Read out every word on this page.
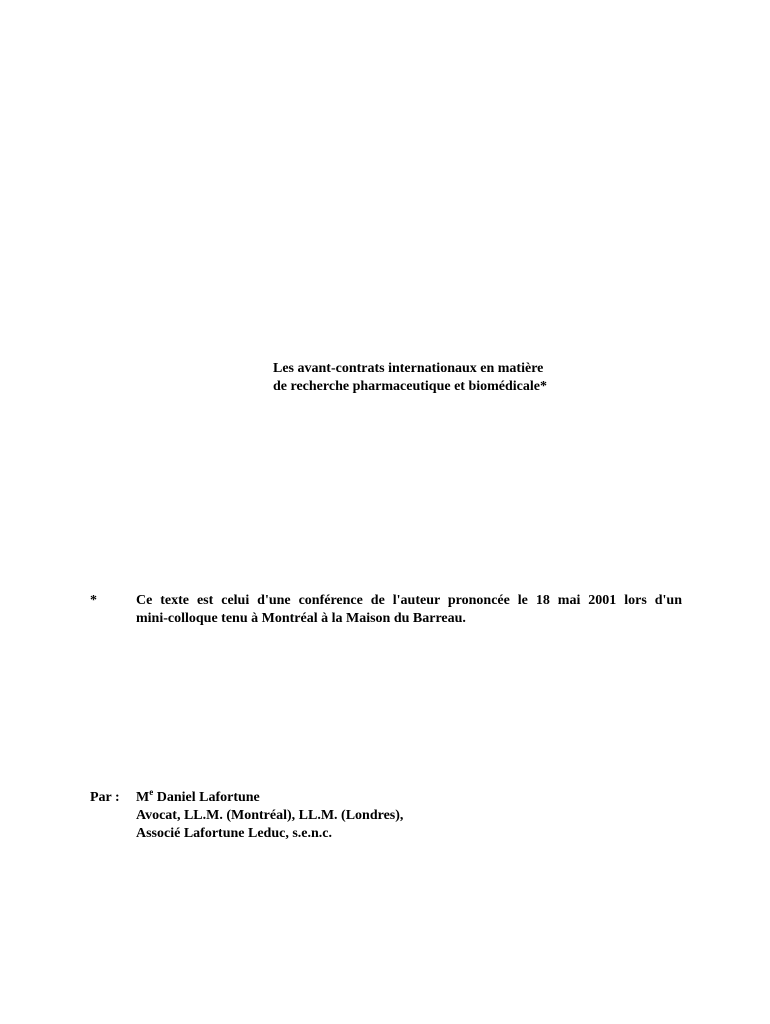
Les avant-contrats internationaux en matière
de recherche pharmaceutique et biomédicale*
*	Ce texte est celui d'une conférence de l'auteur prononcée le 18 mai 2001 lors d'un
mini-colloque tenu à Montréal à la Maison du Barreau.
Par : Me Daniel Lafortune
Avocat, LL.M. (Montréal), LL.M. (Londres),
Associé Lafortune Leduc, s.e.n.c.
